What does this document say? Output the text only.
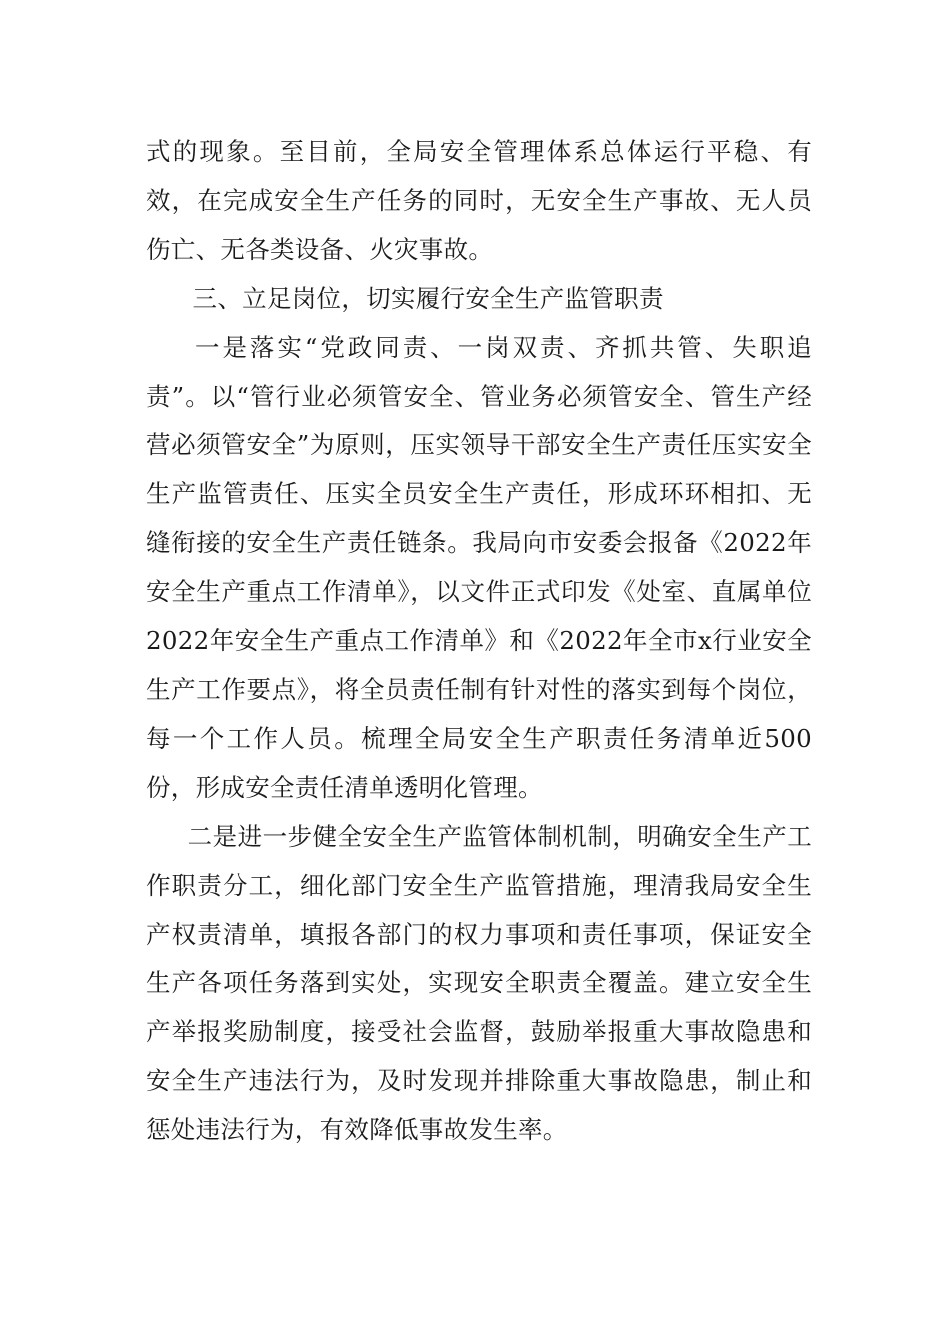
式的现象。至目前，全局安全管理体系总体运行平稳、有效，在完成安全生产任务的同时，无安全生产事故、无人员伤亡、无各类设备、火灾事故。

三、立足岗位，切实履行安全生产监管职责

一是落实“党政同责、一岗双责、齐抓共管、失职追责”。以“管行业必须管安全、管业务必须管安全、管生产经营必须管安全”为原则，压实领导干部安全生产责任压实安全生产监管责任、压实全员安全生产责任，形成环环相扣、无缝衔接的安全生产责任链条。我局向市安委会报备《2022年安全生产重点工作清单》，以文件正式印发《处室、直属单位2022年安全生产重点工作清单》和《2022年全市x行业安全生产工作要点》，将全员责任制有针对性的落实到每个岗位，每一个工作人员。梳理全局安全生产职责任务清单近500份，形成安全责任清单透明化管理。

二是进一步健全安全生产监管体制机制，明确安全生产工作职责分工，细化部门安全生产监管措施，理清我局安全生产权责清单，填报各部门的权力事项和责任事项，保证安全生产各项任务落到实处，实现安全职责全覆盖。建立安全生产举报奖励制度，接受社会监督，鼓励举报重大事故隐患和安全生产违法行为，及时发现并排除重大事故隐患，制止和惩处违法行为，有效降低事故发生率。
